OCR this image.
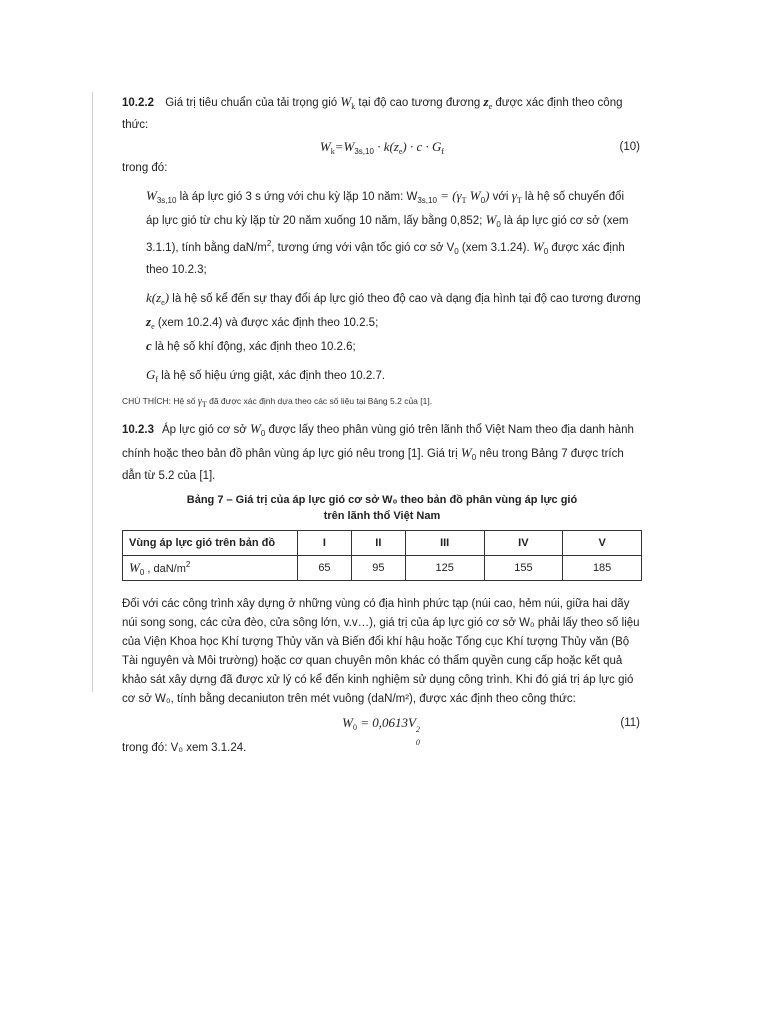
10.2.2 Giá trị tiêu chuẩn của tải trọng gió $W_k$ tại độ cao tương đương $z_e$ được xác định theo công thức:

$W_k=W_{3s,10} \cdot k(z_e) \cdot c \cdot G_f$	(10)

trong đó:

$W_{3s,10}$ là áp lực gió 3 s ứng với chu kỳ lặp 10 năm: $W_{3s,10} = (\gamma_T$ $W_0$) với $\gamma_T$ là hệ số chuyển đổi
áp lực gió từ chu kỳ lặp từ 20 năm xuống 10 năm, lấy bằng 0,852; $W_0$ là áp lực gió cơ sở (xem
3.1.1), tính bằng daN/$m^2$, tương ứng với vận tốc gió cơ sở $V_0$ (xem 3.1.24). $W_0$ được xác định
theo 10.2.3;

$k(z_e)$ là hệ số kể đến sự thay đổi áp lực gió theo độ cao và dạng địa hình tại độ cao tương đương
$z_e$ (xem 10.2.4) và được xác định theo 10.2.5;

c là hệ số khí động, xác định theo 10.2.6;

$G_f$ là hệ số hiệu ứng giật, xác định theo 10.2.7.

CHÚ THÍCH: Hệ số γT đã được xác định dựa theo các số liệu tại Bảng 5.2 của [1].

10.2.3 Áp lực gió cơ sở $W_0$ được lấy theo phân vùng gió trên lãnh thổ Việt Nam theo địa danh hành
chính hoặc theo bản đồ phân vùng áp lực gió nêu trong [1]. Giá trị $W_0$ nêu trong Bảng 7 được trích
dẫn từ 5.2 của [1].

Bảng 7 – Giá trị của áp lực gió cơ sở W₀ theo bản đồ phân vùng áp lực gió
trên lãnh thổ Việt Nam
Vùng áp lực gió trên bản đồ	I	II	III	IV	V
$W_0$ , daN/$m^2$	65	95	125	155	185

Đối với các công trình xây dựng ở những vùng có địa hình phức tạp (núi cao, hẻm núi, giữa hai dãy
núi song song, các cửa đèo, cửa sông lớn, v.v…), giá trị của áp lực gió cơ sở W₀ phải lấy theo số liệu
của Viện Khoa học Khí tượng Thủy văn và Biến đổi khí hậu hoặc Tổng cục Khí tượng Thủy văn (Bộ
Tài nguyên và Môi trường) hoặc cơ quan chuyên môn khác có thẩm quyền cung cấp hoặc kết quả
khảo sát xây dựng đã được xử lý có kể đến kinh nghiệm sử dụng công trình. Khi đó giá trị áp lực gió
cơ sở W₀, tính bằng decaniuton trên mét vuông (daN/m²), được xác định theo công thức:

$W_0 = 0,0613V$ 2
0
(11)

trong đó: V₀ xem 3.1.24.
